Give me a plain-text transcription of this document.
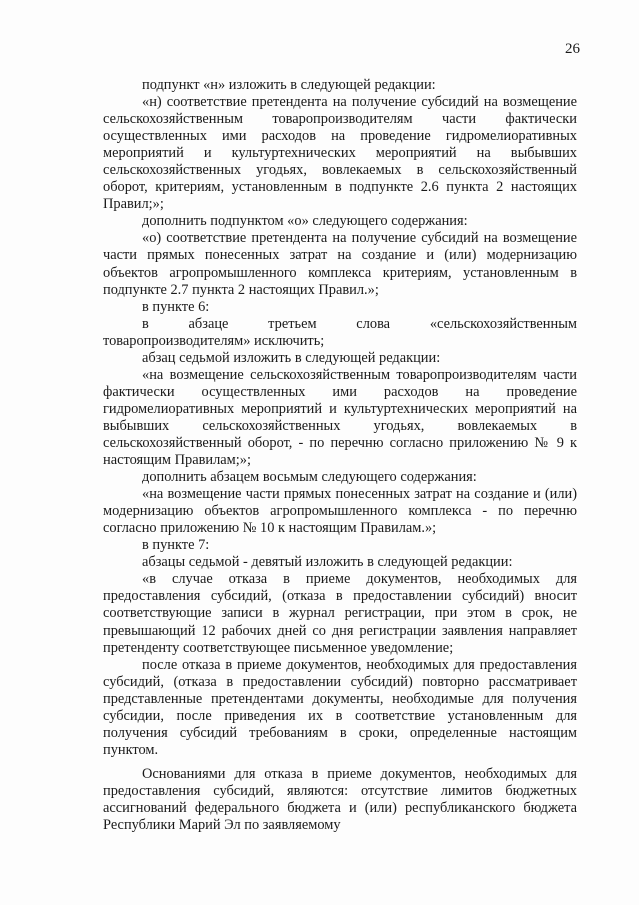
26

подпункт «н» изложить в следующей редакции:

«н) соответствие претендента на получение субсидий на возмещение сельскохозяйственным товаропроизводителям части фактически осуществленных ими расходов на проведение гидромелиоративных мероприятий и культуртехнических мероприятий на выбывших сельскохозяйственных угодьях, вовлекаемых в сельскохозяйственный оборот, критериям, установленным в подпункте 2.6 пункта 2 настоящих Правил;»;

дополнить подпунктом «о» следующего содержания:

«о) соответствие претендента на получение субсидий на возмещение части прямых понесенных затрат на создание и (или) модернизацию объектов агропромышленного комплекса критериям, установленным в подпункте 2.7 пункта 2 настоящих Правил.»;

в пункте 6:

в абзаце третьем слова «сельскохозяйственным товаропроизводителям» исключить;

абзац седьмой изложить в следующей редакции:

«на возмещение сельскохозяйственным товаропроизводителям части фактически осуществленных ими расходов на проведение гидромелиоративных мероприятий и культуртехнических мероприятий на выбывших сельскохозяйственных угодьях, вовлекаемых в сельскохозяйственный оборот, - по перечню согласно приложению № 9 к настоящим Правилам;»;

дополнить абзацем восьмым следующего содержания:

«на возмещение части прямых понесенных затрат на создание и (или) модернизацию объектов агропромышленного комплекса - по перечню согласно приложению № 10 к настоящим Правилам.»;

в пункте 7:

абзацы седьмой - девятый изложить в следующей редакции:

«в случае отказа в приеме документов, необходимых для предоставления субсидий, (отказа в предоставлении субсидий) вносит соответствующие записи в журнал регистрации, при этом в срок, не превышающий 12 рабочих дней со дня регистрации заявления направляет претенденту соответствующее письменное уведомление;

после отказа в приеме документов, необходимых для предоставления субсидий, (отказа в предоставлении субсидий) повторно рассматривает представленные претендентами документы, необходимые для получения субсидии, после приведения их в соответствие установленным для получения субсидий требованиям в сроки, определенные настоящим пунктом.

Основаниями для отказа в приеме документов, необходимых для предоставления субсидий, являются: отсутствие лимитов бюджетных ассигнований федерального бюджета и (или) республиканского бюджета Республики Марий Эл по заявляемому
